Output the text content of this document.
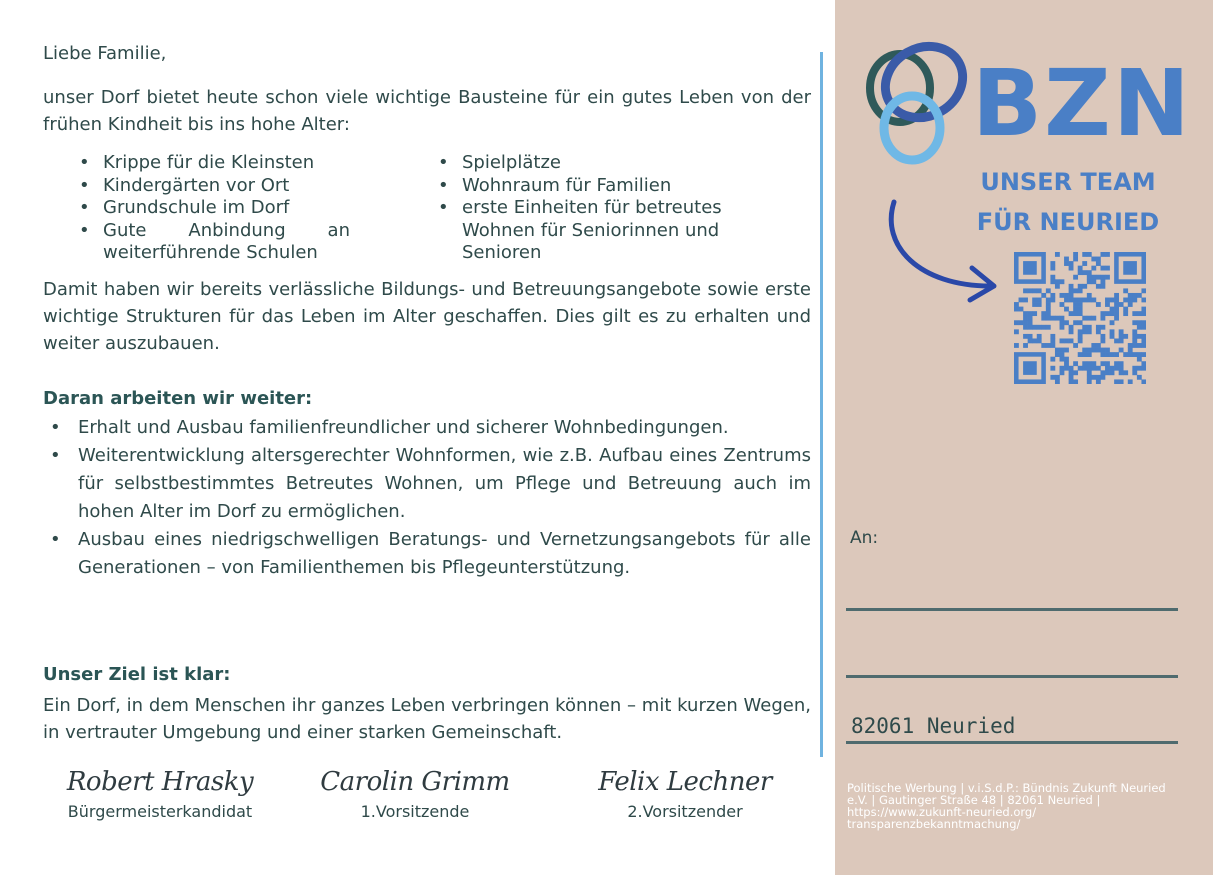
Liebe Familie,
unser Dorf bietet heute schon viele wichtige Bausteine für ein gutes Leben von der frühen Kindheit bis ins hohe Alter:
• Krippe für die Kleinsten
• Kindergärten vor Ort
• Grundschule im Dorf
• Gute Anbindung an weiterführende Schulen
• Spielplätze
• Wohnraum für Familien
• erste Einheiten für betreutes Wohnen für Seniorinnen und Senioren
Damit haben wir bereits verlässliche Bildungs- und Betreuungsangebote sowie erste wichtige Strukturen für das Leben im Alter geschaffen. Dies gilt es zu erhalten und weiter auszubauen.
Daran arbeiten wir weiter:
• Erhalt und Ausbau familienfreundlicher und sicherer Wohnbedingungen.
• Weiterentwicklung altersgerechter Wohnformen, wie z.B. Aufbau eines Zentrums für selbstbestimmtes Betreutes Wohnen, um Pflege und Betreuung auch im hohen Alter im Dorf zu ermöglichen.
• Ausbau eines niedrigschwelligen Beratungs- und Vernetzungsangebots für alle Generationen – von Familienthemen bis Pflegeunterstützung.
Unser Ziel ist klar:
Ein Dorf, in dem Menschen ihr ganzes Leben verbringen können – mit kurzen Wegen, in vertrauter Umgebung und einer starken Gemeinschaft.
Robert Hrasky
Bürgermeisterkandidat
Carolin Grimm
1.Vorsitzende
Felix Lechner
2.Vorsitzender
BZN
UNSER TEAM
FÜR NEURIED
An:
82061 Neuried
Politische Werbung | v.i.S.d.P.: Bündnis Zukunft Neuried e.V. | Gautinger Straße 48 | 82061 Neuried | https://www.zukunft-neuried.org/ transparenzbekanntmachung/
